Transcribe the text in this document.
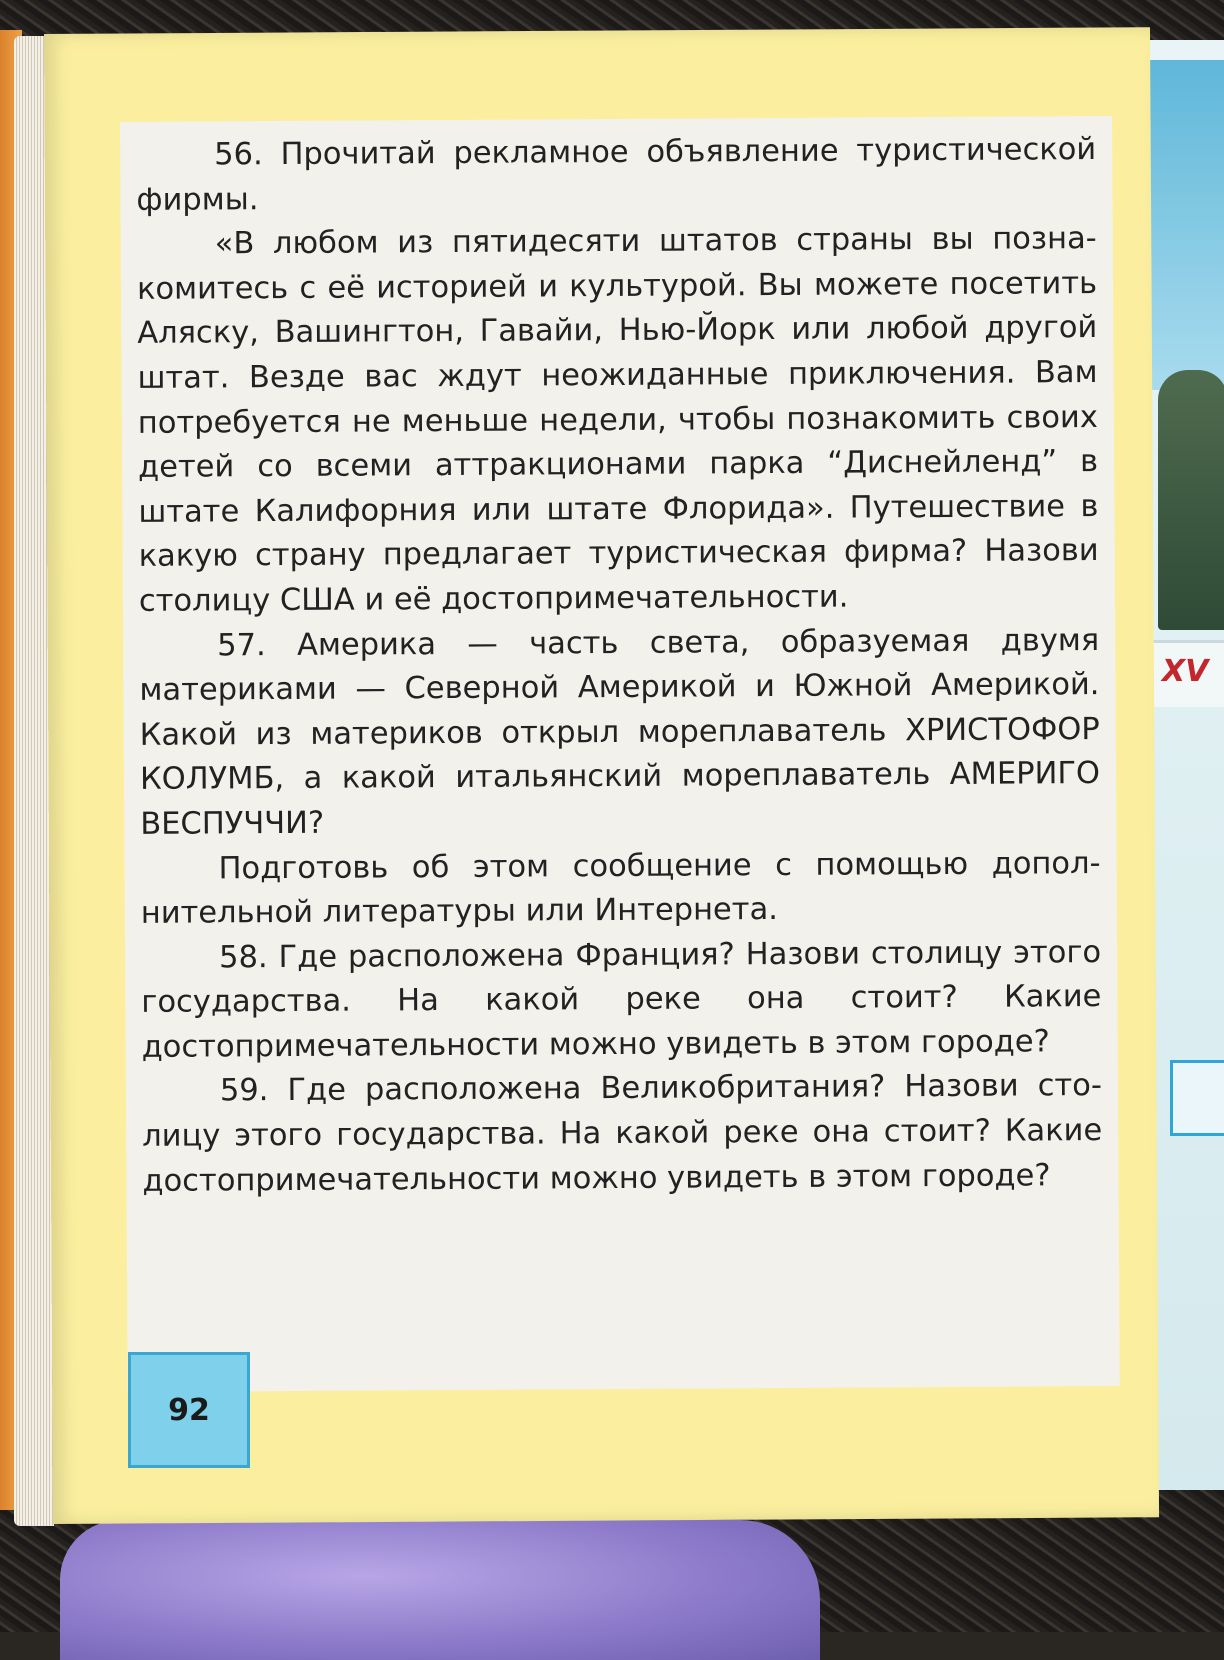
XV

56. Прочитай рекламное объявление туристической фирмы.

«В любом из пятидесяти штатов страны вы познакомитесь с её историей и культурой. Вы можете посетить Аляску, Вашингтон, Гавайи, Нью-Йорк или любой другой штат. Везде вас ждут неожиданные приключения. Вам потребуется не меньше недели, чтобы познакомить своих детей со всеми аттракционами парка “Диснейленд” в штате Калифорния или штате Флорида». Путешествие в какую страну предлагает туристическая фирма? Назови столицу США и её достопримечательности.

57. Америка — часть света, образуемая двумя материками — Северной Америкой и Южной Америкой. Какой из материков открыл мореплаватель ХРИСТОФОР КОЛУМБ, а какой итальянский мореплаватель АМЕРИГО ВЕСПУЧЧИ?

Подготовь об этом сообщение с помощью дополнительной литературы или Интернета.

58. Где расположена Франция? Назови столицу этого государства. На какой реке она стоит? Какие достопримечательности можно увидеть в этом городе?

59. Где расположена Великобритания? Назови столицу этого государства. На какой реке она стоит? Какие достопримечательности можно увидеть в этом городе?

92
